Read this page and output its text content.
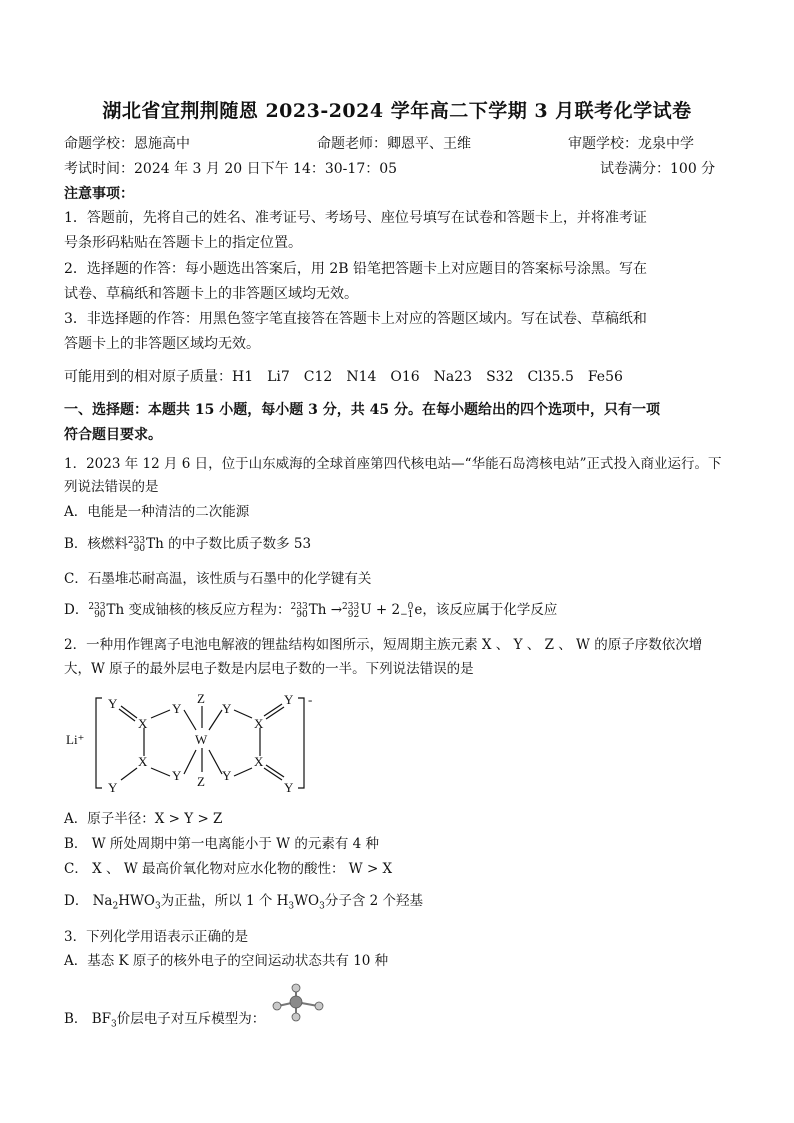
湖北省宜荆荆随恩 2023-2024 学年高二下学期 3 月联考化学试卷
命题学校：恩施高中	命题老师：卿恩平、王维	审题学校：龙泉中学
考试时间：2024 年 3 月 20 日下午 14：30-17：05	试卷满分：100 分
注意事项：
1．答题前，先将自己的姓名、准考证号、考场号、座位号填写在试卷和答题卡上，并将准考证
号条形码粘贴在答题卡上的指定位置。
2．选择题的作答：每小题选出答案后，用 2B 铅笔把答题卡上对应题目的答案标号涂黑。写在
试卷、草稿纸和答题卡上的非答题区域均无效。
3．非选择题的作答：用黑色签字笔直接答在答题卡上对应的答题区域内。写在试卷、草稿纸和
答题卡上的非答题区域均无效。
可能用到的相对原子质量：H1　Li7　C12　N14　O16　Na23　S32　Cl35.5　Fe56
一、选择题：本题共 15 小题，每小题 3 分，共 45 分。在每小题给出的四个选项中，只有一项
符合题目要求。
1．2023 年 12 月 6 日，位于山东威海的全球首座第四代核电站—“华能石岛湾核电站”正式投入商业运行。下
列说法错误的是
A．电能是一种清洁的二次能源
B．核燃料 233
90 Th 的中子数比质子数多 53
C．石墨堆芯耐高温，该性质与石墨中的化学键有关
D． 233
90 Th 变成铀核的核反应方程为： 233
90 Th → 233
92 U + 2 0
−1 e，该反应属于化学反应
2．一种用作锂离子电池电解液的锂盐结构如图所示，短周期主族元素 X 、 Y 、 Z 、 W 的原子序数依次增
大，W 原子的最外层电子数是内层电子数的一半。下列说法错误的是
Li⁺
Y
X
Y
Z
W
Z
X
Y
Y
Y
X
Y
Y
X
Y
-
A．原子半径：X > Y > Z
B． W 所处周期中第一电离能小于 W 的元素有 4 种
C． X 、 W 最高价氧化物对应水化物的酸性： W > X
D． $Na_2HWO_3$为正盐，所以 1 个 $H_3WO_3$分子含 2 个羟基
3．下列化学用语表示正确的是
A．基态 K 原子的核外电子的空间运动状态共有 10 种
B． $BF_3$价层电子对互斥模型为：
